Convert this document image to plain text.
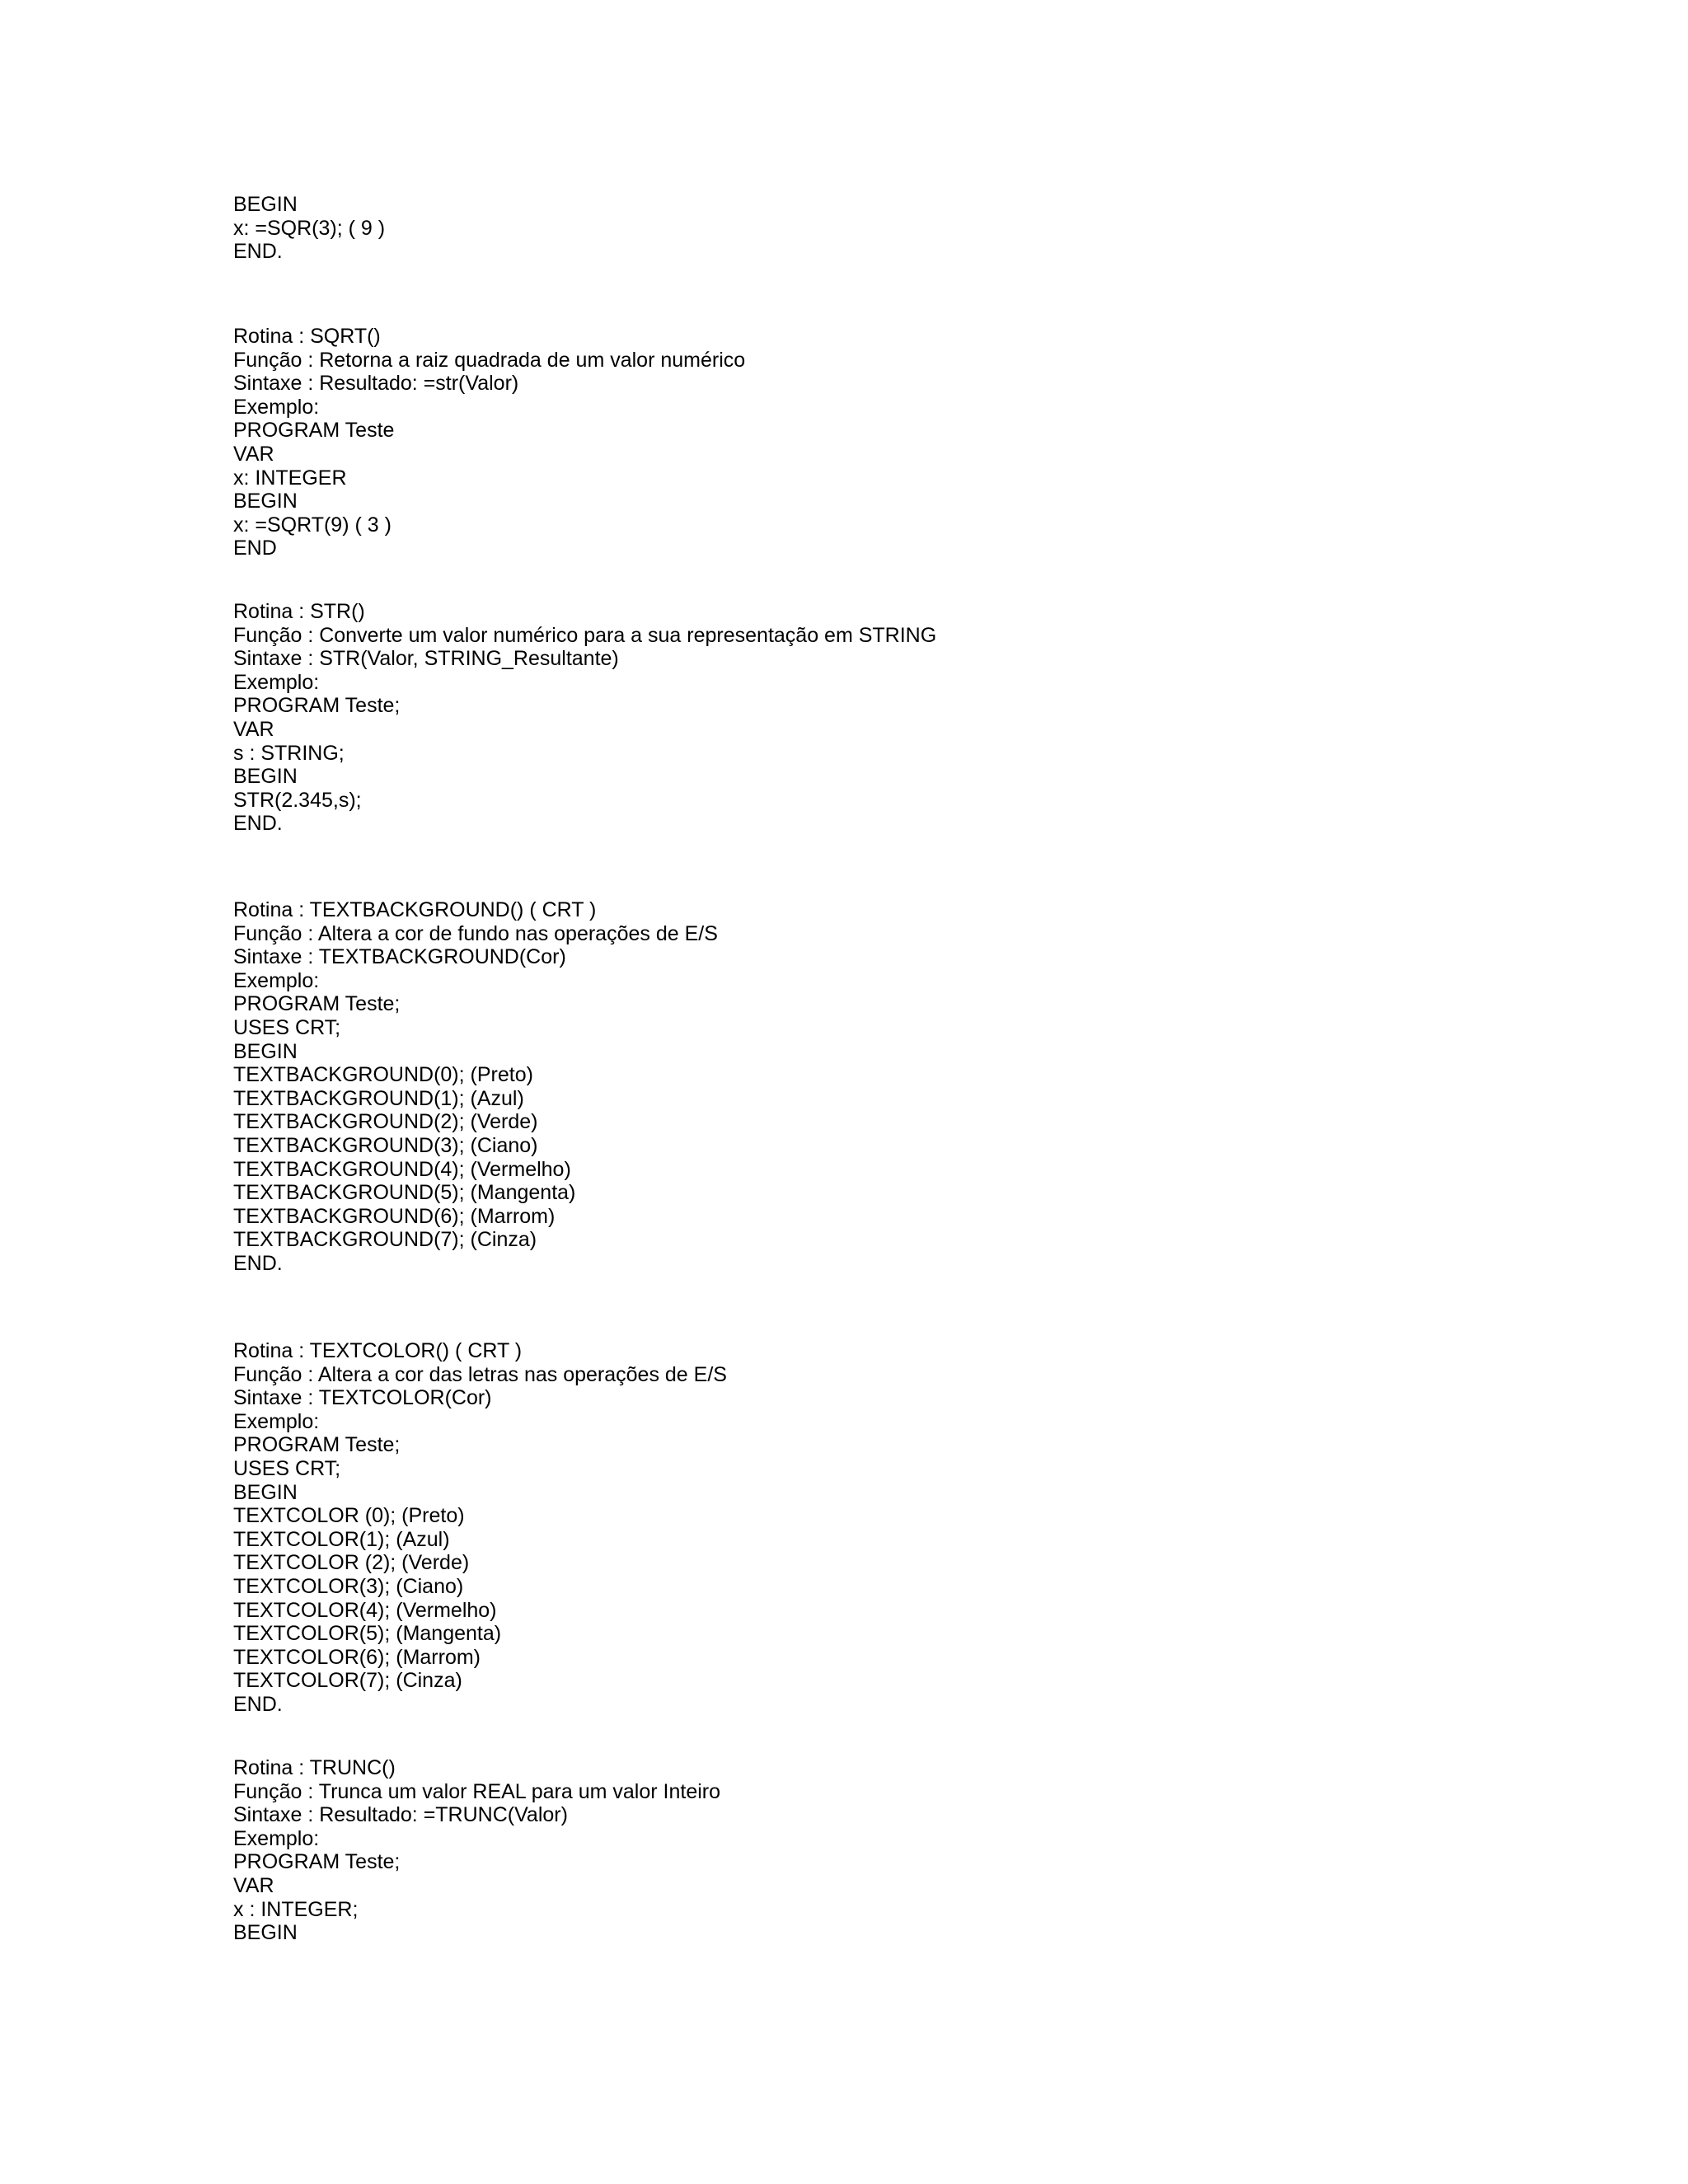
BEGIN
x: =SQR(3); ( 9 )
END.
Rotina : SQRT()
Função : Retorna a raiz quadrada de um valor numérico
Sintaxe : Resultado: =str(Valor)
Exemplo:
PROGRAM Teste
VAR
x: INTEGER
BEGIN
x: =SQRT(9) ( 3 )
END
Rotina : STR()
Função : Converte um valor numérico para a sua representação em STRING
Sintaxe : STR(Valor, STRING_Resultante)
Exemplo:
PROGRAM Teste;
VAR
s : STRING;
BEGIN
STR(2.345,s);
END.
Rotina : TEXTBACKGROUND() ( CRT )
Função : Altera a cor de fundo nas operações de E/S
Sintaxe : TEXTBACKGROUND(Cor)
Exemplo:
PROGRAM Teste;
USES CRT;
BEGIN
TEXTBACKGROUND(0); (Preto)
TEXTBACKGROUND(1); (Azul)
TEXTBACKGROUND(2); (Verde)
TEXTBACKGROUND(3); (Ciano)
TEXTBACKGROUND(4); (Vermelho)
TEXTBACKGROUND(5); (Mangenta)
TEXTBACKGROUND(6); (Marrom)
TEXTBACKGROUND(7); (Cinza)
END.
Rotina : TEXTCOLOR() ( CRT )
Função : Altera a cor das letras nas operações de E/S
Sintaxe : TEXTCOLOR(Cor)
Exemplo:
PROGRAM Teste;
USES CRT;
BEGIN
TEXTCOLOR (0); (Preto)
TEXTCOLOR(1); (Azul)
TEXTCOLOR (2); (Verde)
TEXTCOLOR(3); (Ciano)
TEXTCOLOR(4); (Vermelho)
TEXTCOLOR(5); (Mangenta)
TEXTCOLOR(6); (Marrom)
TEXTCOLOR(7); (Cinza)
END.
Rotina : TRUNC()
Função : Trunca um valor REAL para um valor Inteiro
Sintaxe : Resultado: =TRUNC(Valor)
Exemplo:
PROGRAM Teste;
VAR
x : INTEGER;
BEGIN
